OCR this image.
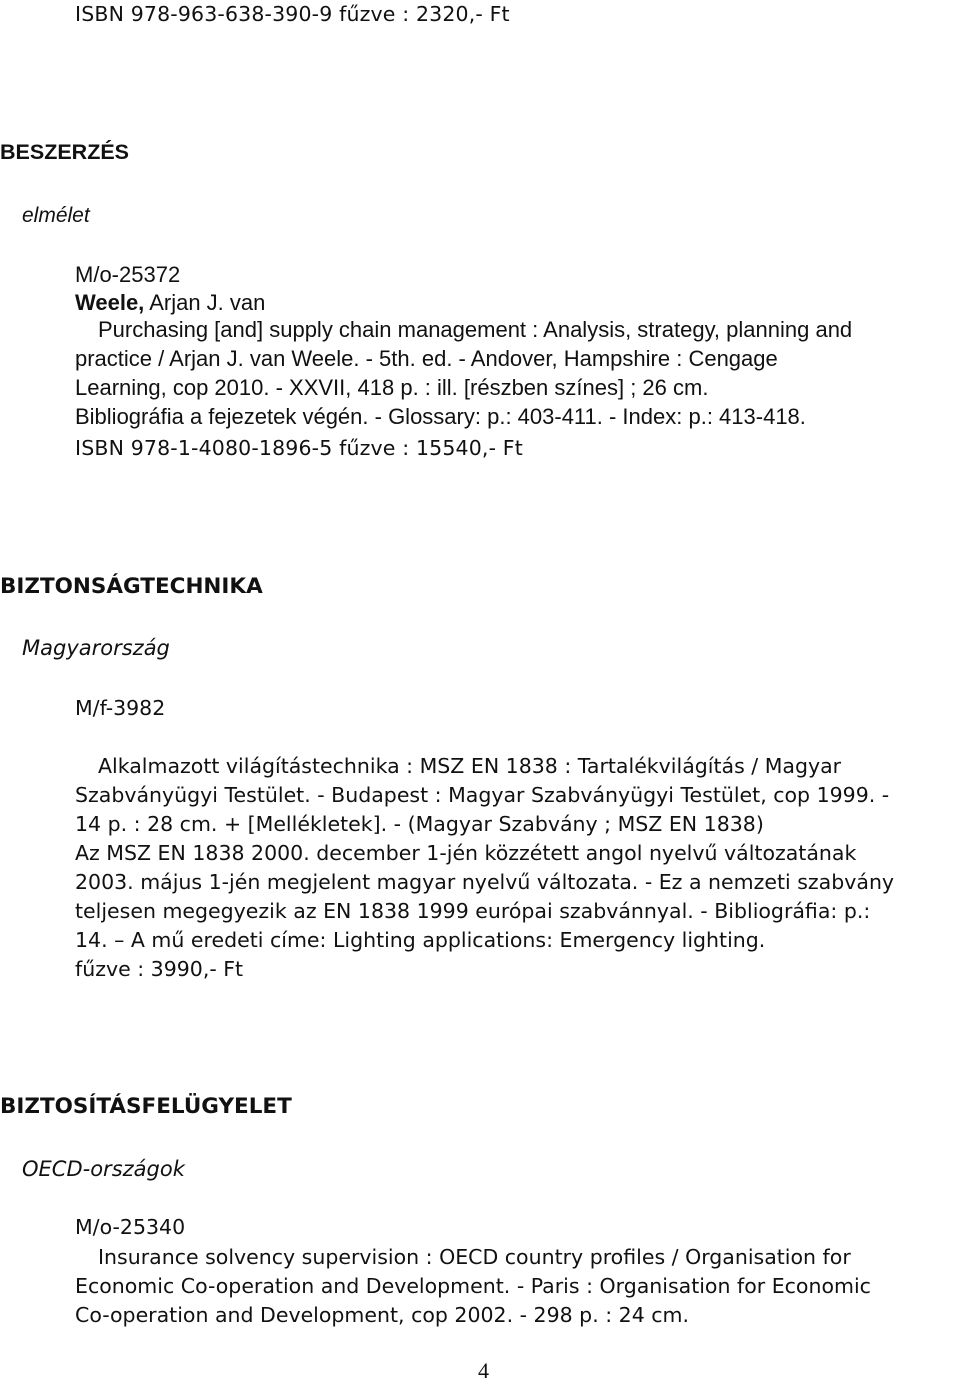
ISBN 978-963-638-390-9 fűzve : 2320,- Ft
BESZERZÉS
elmélet
M/o-25372
Weele, Arjan J. van
Purchasing [and] supply chain management : Analysis, strategy, planning and
practice / Arjan J. van Weele. - 5th. ed. - Andover, Hampshire : Cengage
Learning, cop 2010. - XXVII, 418 p. : ill. [részben színes] ; 26 cm.
Bibliográfia a fejezetek végén. - Glossary: p.: 403-411. - Index: p.: 413-418.
ISBN 978-1-4080-1896-5 fűzve : 15540,- Ft
BIZTONSÁGTECHNIKA
Magyarország
M/f-3982
Alkalmazott világítástechnika : MSZ EN 1838 : Tartalékvilágítás / Magyar
Szabványügyi Testület. - Budapest : Magyar Szabványügyi Testület, cop 1999. -
14 p. : 28 cm. + [Mellékletek]. - (Magyar Szabvány ; MSZ EN 1838)
Az MSZ EN 1838 2000. december 1-jén közzétett angol nyelvű változatának
2003. május 1-jén megjelent magyar nyelvű változata. - Ez a nemzeti szabvány
teljesen megegyezik az EN 1838 1999 európai szabvánnyal. - Bibliográfia: p.:
14. – A mű eredeti címe: Lighting applications: Emergency lighting.
fűzve : 3990,- Ft
BIZTOSÍTÁSFELÜGYELET
OECD-országok
M/o-25340
Insurance solvency supervision : OECD country profiles / Organisation for
Economic Co-operation and Development. - Paris : Organisation for Economic
Co-operation and Development, cop 2002. - 298 p. : 24 cm.
4
